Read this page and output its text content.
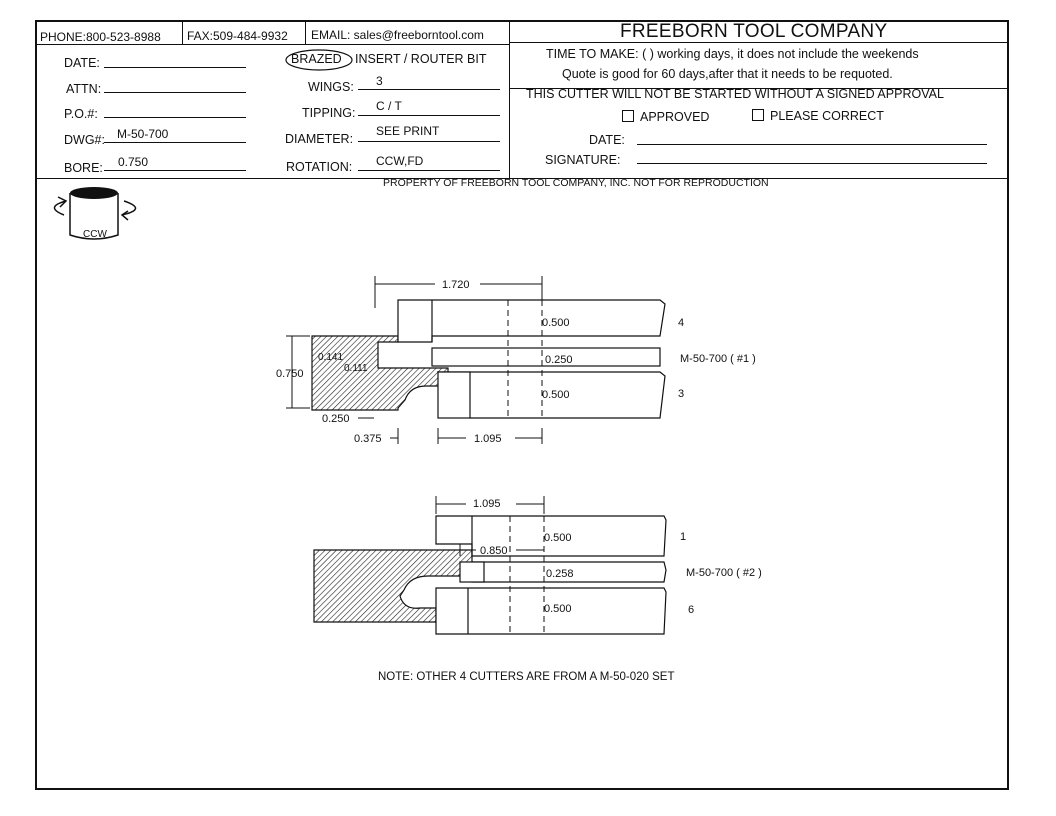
PHONE:800-523-8988 FAX:509-484-9932 EMAIL: sales@freeborntool.com	FREEBORN TOOL COMPANY
DATE:
ATTN:
P.O.#:
DWG#: M-50-700
BORE: 0.750
BRAZED INSERT / ROUTER BIT
WINGS: 3
TIPPING: C / T
DIAMETER:
SEE PRINT
ROTATION: CCW,FD
TIME TO MAKE: ( ) working days, it does not include the weekends
Quote is good for 60 days,after that it needs to be requoted.
THIS CUTTER WILL NOT BE STARTED WITHOUT A SIGNED APPROVAL
APPROVED	PLEASE CORRECT
DATE:
SIGNATURE:
PROPERTY OF FREEBORN TOOL COMPANY, INC. NOT FOR REPRODUCTION
CCW
1.720
0.500
0.250
0.500
0.141
0.111
0.750
0.250
0.375	1.095
4
M-50-700 ( #1 )
3
1.095
0.500
0.258
0.500
0.850
1
M-50-700 ( #2 )
6
NOTE: OTHER 4 CUTTERS ARE FROM A M-50-020 SET
